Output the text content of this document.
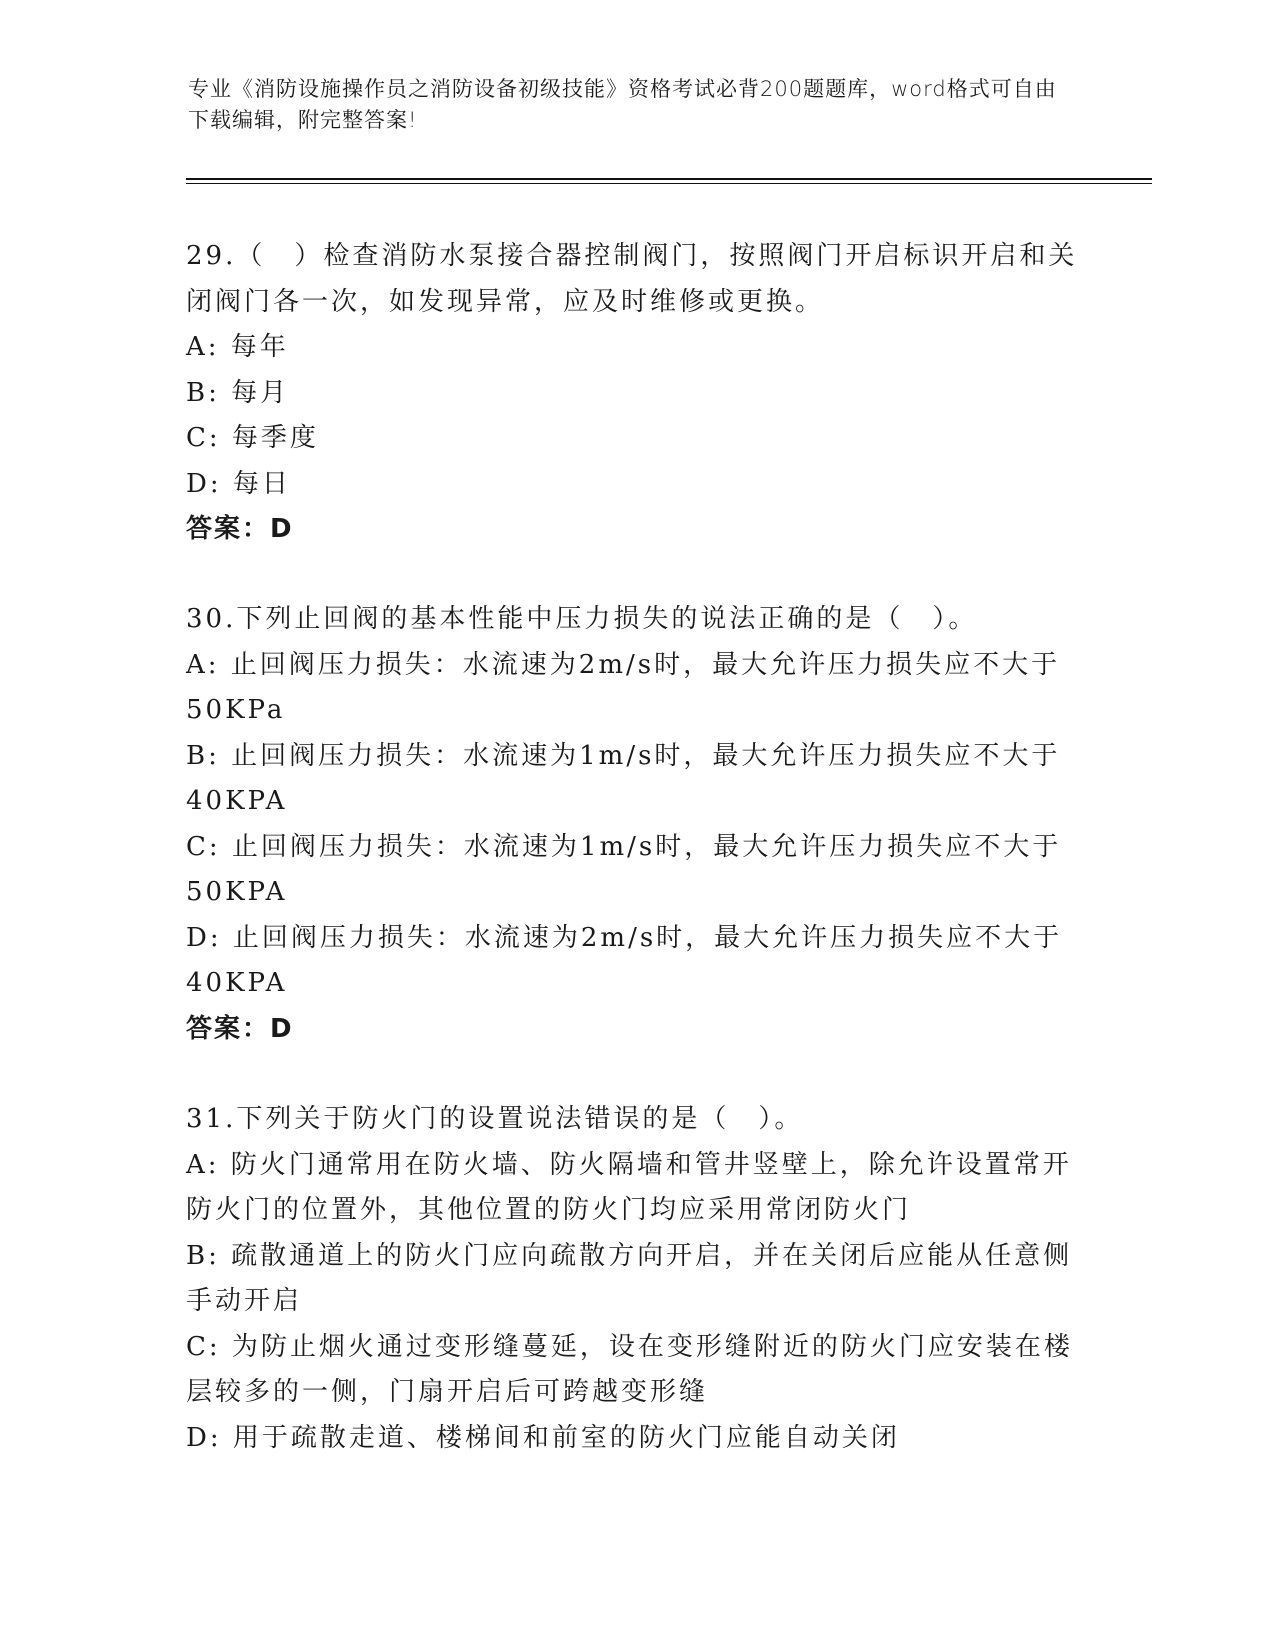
专业《消防设施操作员之消防设备初级技能》资格考试必背200题题库，word格式可自由下载编辑，附完整答案!

29.（　）检查消防水泵接合器控制阀门，按照阀门开启标识开启和关闭阀门各一次，如发现异常，应及时维修或更换。

A: 每年

B: 每月

C: 每季度

D: 每日

答案：D

30.下列止回阀的基本性能中压力损失的说法正确的是（　）。

A: 止回阀压力损失：水流速为2m/s时，最大允许压力损失应不大于50KPa

B: 止回阀压力损失：水流速为1m/s时，最大允许压力损失应不大于40KPA

C: 止回阀压力损失：水流速为1m/s时，最大允许压力损失应不大于50KPA

D: 止回阀压力损失：水流速为2m/s时，最大允许压力损失应不大于40KPA

答案：D

31.下列关于防火门的设置说法错误的是（　）。

A: 防火门通常用在防火墙、防火隔墙和管井竖壁上，除允许设置常开防火门的位置外，其他位置的防火门均应采用常闭防火门

B: 疏散通道上的防火门应向疏散方向开启，并在关闭后应能从任意侧手动开启

C: 为防止烟火通过变形缝蔓延，设在变形缝附近的防火门应安装在楼层较多的一侧，门扇开启后可跨越变形缝

D: 用于疏散走道、楼梯间和前室的防火门应能自动关闭
